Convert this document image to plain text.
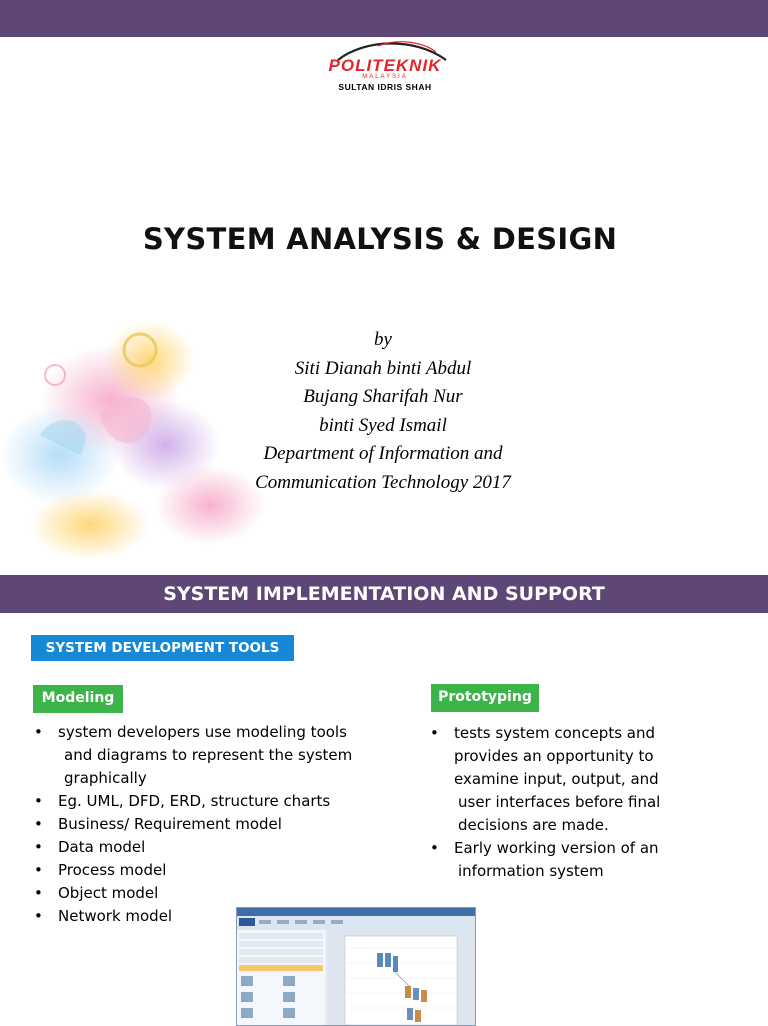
POLITEKNIK
MALAYSIA
SULTAN IDRIS SHAH
SYSTEM ANALYSIS & DESIGN
by
Siti Dianah binti Abdul
Bujang Sharifah Nur
binti Syed Ismail
Department of Information and
Communication Technology 2017
SYSTEM IMPLEMENTATION AND SUPPORT
SYSTEM DEVELOPMENT TOOLS
Modeling	Prototyping
• system developers use modeling tools
and diagrams to represent the system
graphically
• Eg. UML, DFD, ERD, structure charts
• Business/ Requirement model
• Data model
• Process model
• Object model
• Network model
• tests system concepts and
provides an opportunity to
examine input, output, and
user interfaces before final
decisions are made.
• Early working version of an
information system
